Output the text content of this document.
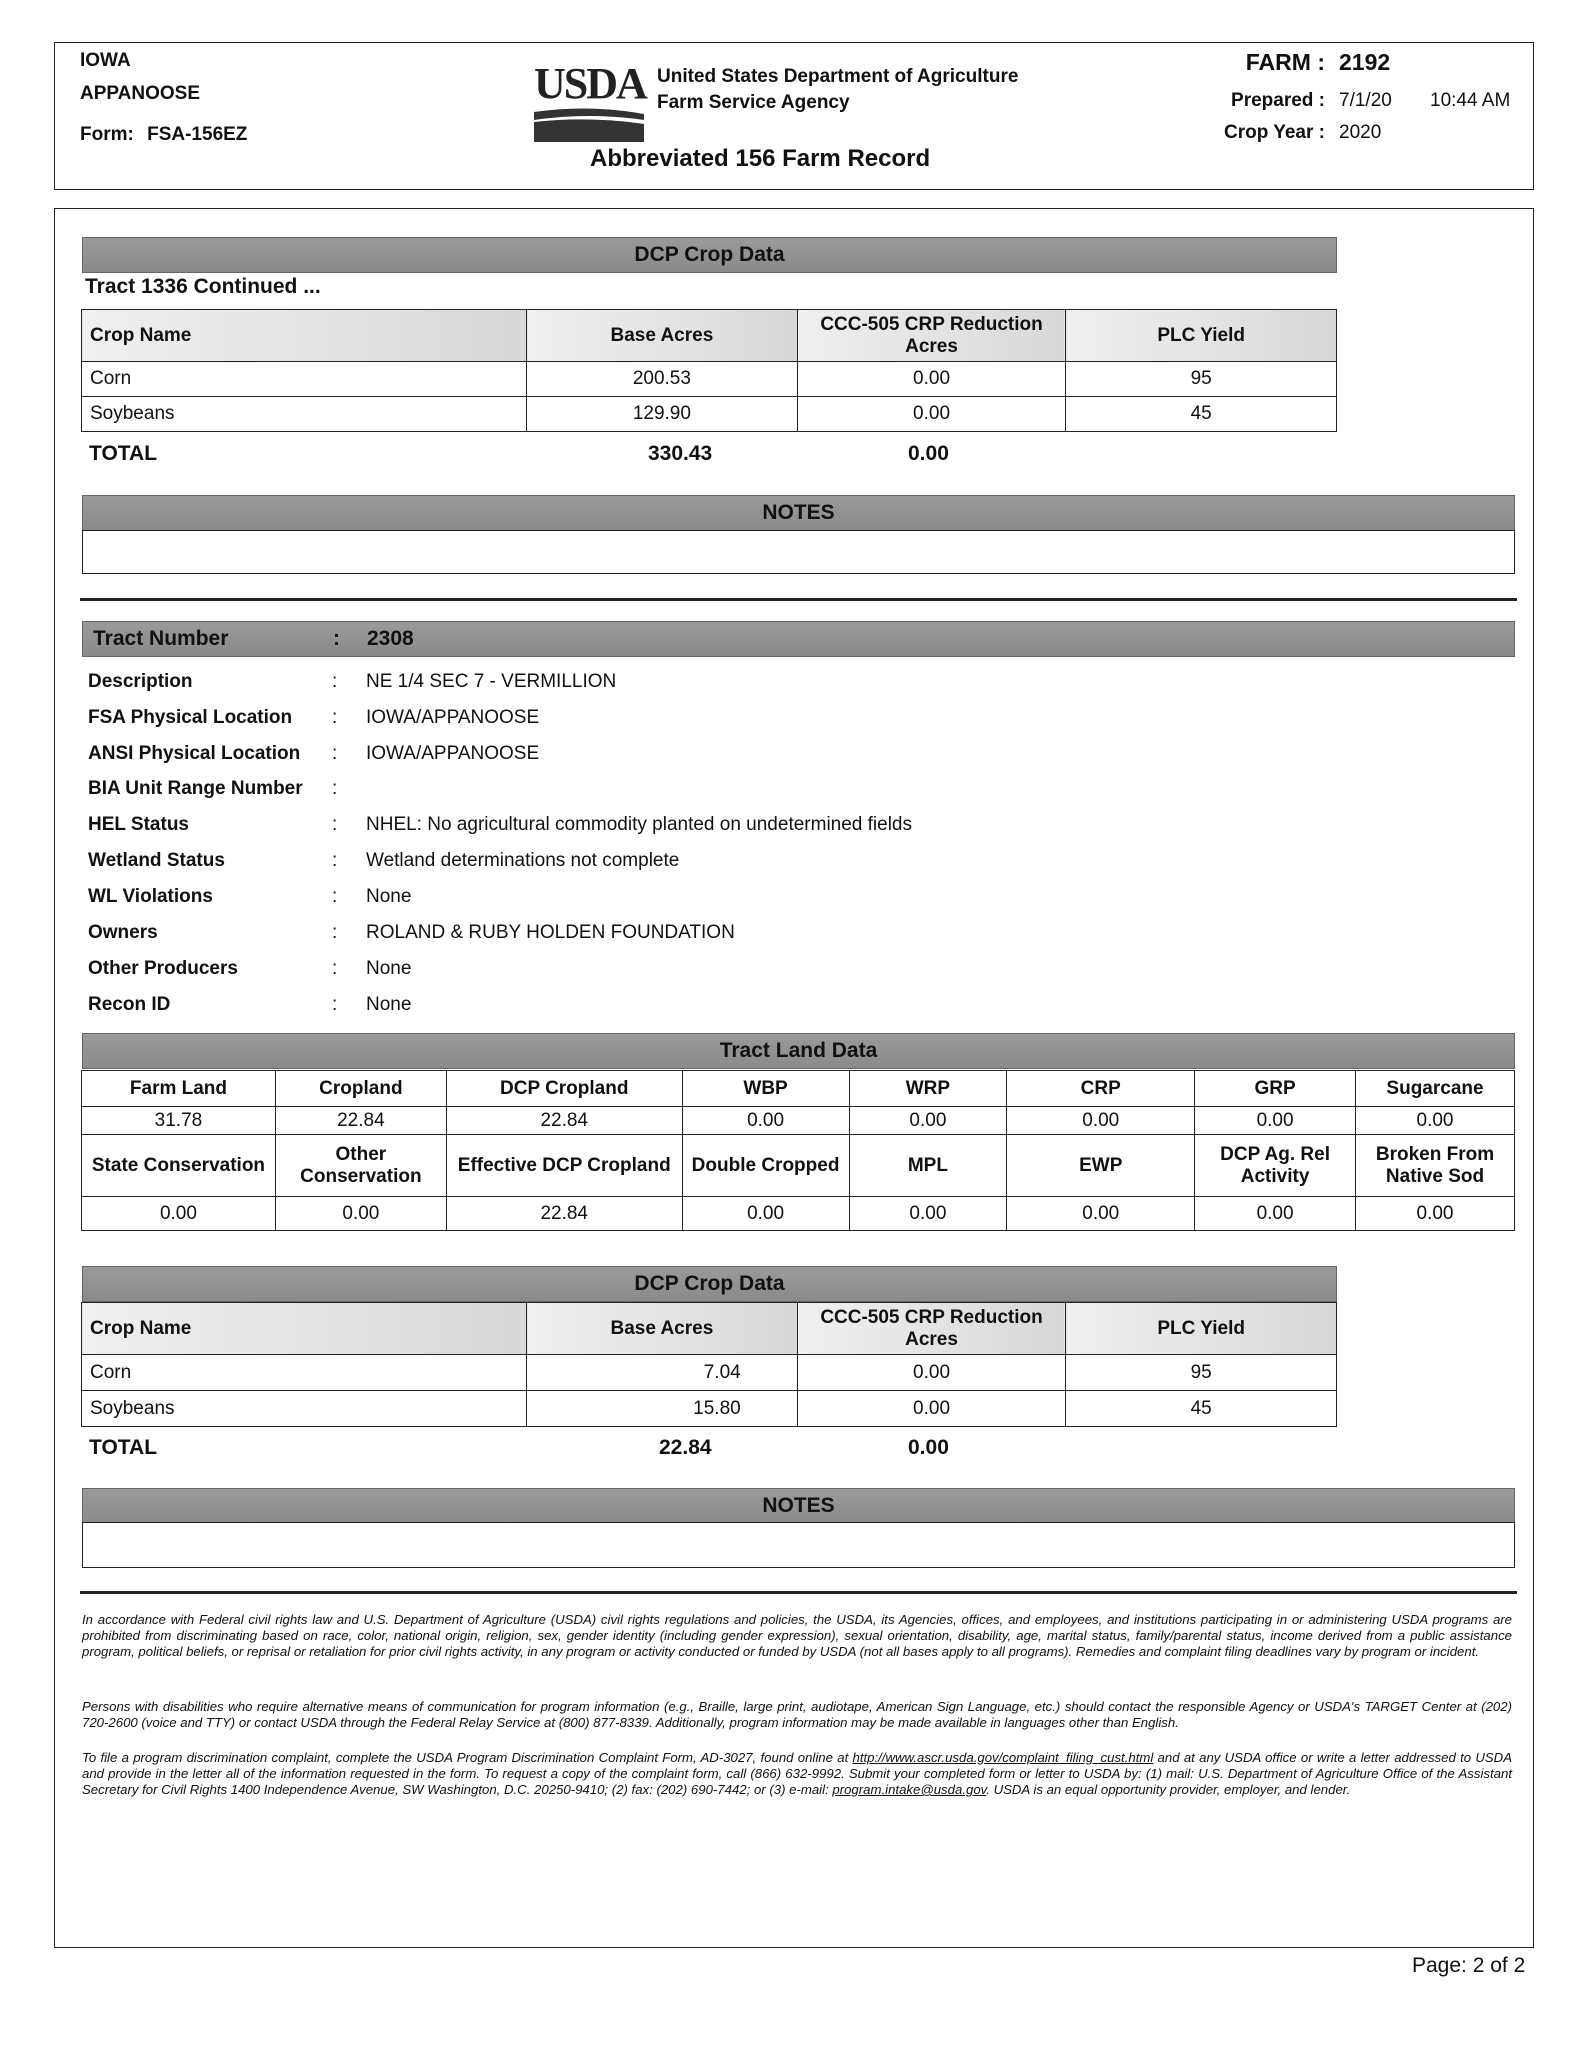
IOWA
APPANOOSE
Form: FSA-156EZ
USDA United States Department of Agriculture
Farm Service Agency
Abbreviated 156 Farm Record
FARM : 2192
Prepared : 7/1/20 10:44 AM
Crop Year : 2020
DCP Crop Data
Tract 1336 Continued ...
Crop Name	Base Acres	CCC-505 CRP Reduction Acres	PLC Yield
Corn	200.53	0.00	95
Soybeans	129.90	0.00	45
TOTAL	330.43	0.00
NOTES
Tract Number	: 2308
Description	: NE 1/4 SEC 7 - VERMILLION
FSA Physical Location : IOWA/APPANOOSE
ANSI Physical Location : IOWA/APPANOOSE
BIA Unit Range Number :
HEL Status	: NHEL: No agricultural commodity planted on undetermined fields
Wetland Status	: Wetland determinations not complete
WL Violations	: None
Owners	: ROLAND & RUBY HOLDEN FOUNDATION
Other Producers	: None
Recon ID	: None
Tract Land Data
Farm Land	Cropland	DCP Cropland	WBP	WRP	CRP	GRP	Sugarcane
31.78	22.84	22.84	0.00	0.00	0.00	0.00	0.00
State Conservation	Other Conservation	Effective DCP Cropland	Double Cropped	MPL	EWP	DCP Ag. Rel Activity	Broken From Native Sod
0.00	0.00	22.84	0.00	0.00	0.00	0.00	0.00
DCP Crop Data
Crop Name	Base Acres	CCC-505 CRP Reduction Acres	PLC Yield
Corn	7.04	0.00	95
Soybeans	15.80	0.00	45
TOTAL	22.84	0.00
NOTES
In accordance with Federal civil rights law and U.S. Department of Agriculture (USDA) civil rights regulations and policies, the USDA, its Agencies, offices, and employees, and institutions participating in or administering USDA programs are prohibited from discriminating based on race, color, national origin, religion, sex, gender identity (including gender expression), sexual orientation, disability, age, marital status, family/parental status, income derived from a public assistance program, political beliefs, or reprisal or retaliation for prior civil rights activity, in any program or activity conducted or funded by USDA (not all bases apply to all programs). Remedies and complaint filing deadlines vary by program or incident.
Persons with disabilities who require alternative means of communication for program information (e.g., Braille, large print, audiotape, American Sign Language, etc.) should contact the responsible Agency or USDA's TARGET Center at (202) 720-2600 (voice and TTY) or contact USDA through the Federal Relay Service at (800) 877-8339. Additionally, program information may be made available in languages other than English.
To file a program discrimination complaint, complete the USDA Program Discrimination Complaint Form, AD-3027, found online at http://www.ascr.usda.gov/complaint_filing_cust.html and at any USDA office or write a letter addressed to USDA and provide in the letter all of the information requested in the form. To request a copy of the complaint form, call (866) 632-9992. Submit your completed form or letter to USDA by: (1) mail: U.S. Department of Agriculture Office of the Assistant Secretary for Civil Rights 1400 Independence Avenue, SW Washington, D.C. 20250-9410; (2) fax: (202) 690-7442; or (3) e-mail: program.intake@usda.gov. USDA is an equal opportunity provider, employer, and lender.
Page: 2 of 2
